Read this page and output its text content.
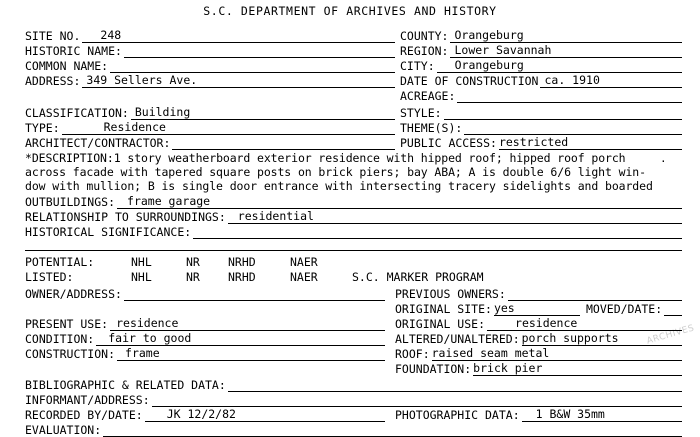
S.C. DEPARTMENT OF ARCHIVES AND HISTORY
SITE NO.	248
HISTORIC NAME:
COMMON NAME:
ADDRESS: 349 Sellers Ave.
CLASSIFICATION: Building
TYPE:	Residence
ARCHITECT/CONTRACTOR:
COUNTY: Orangeburg
REGION: Lower Savannah
CITY:	Orangeburg
DATE OF CONSTRUCTION ca. 1910
ACREAGE:
STYLE:
THEME(S):
PUBLIC ACCESS: restricted
*DESCRIPTION:1 story weatherboard exterior residence with hipped roof; hipped roof porch	.
across facade with tapered square posts on brick piers; bay ABA; A is double 6/6 light win-
dow with mullion; B is single door entrance with intersecting tracery sidelights and boarded
OUTBUILDINGS:	frame garage
RELATIONSHIP TO SURROUNDINGS:	residential
HISTORICAL SIGNIFICANCE:
POTENTIAL:	NHL	NR NRHD	NAER
LISTED:	NHL	NR NRHD	NAER	S.C. MARKER PROGRAM
OWNER/ADDRESS:
PRESENT USE: residence
CONDITION:	fair to good
CONSTRUCTION: frame
PREVIOUS OWNERS:
ORIGINAL SITE: yes	MOVED/DATE:
ORIGINAL USE:	residence
ALTERED/UNALTERED: porch supports
ROOF: raised seam metal
FOUNDATION: brick pier
BIBLIOGRAPHIC & RELATED DATA:
INFORMANT/ADDRESS:
RECORDED BY/DATE:	JK 12/2/82	PHOTOGRAPHIC DATA:	1 B&W 35mm
EVALUATION:
ARCHIVES
